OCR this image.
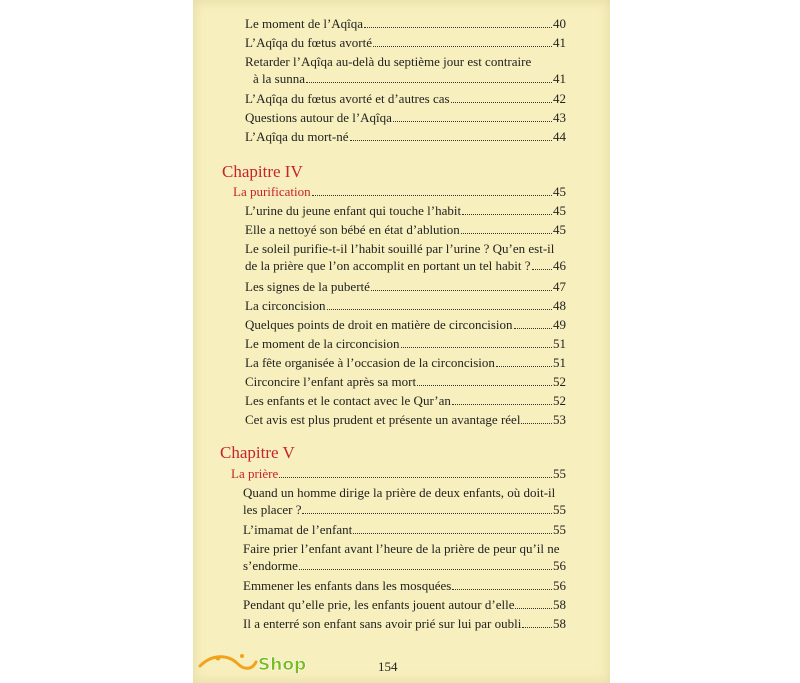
Le moment de l’Aqîqa	40
L’Aqîqa du fœtus avorté	41
Retarder l’Aqîqa au-delà du septième jour est contraire
à la sunna	41
L’Aqîqa du fœtus avorté et d’autres cas	42
Questions autour de l’Aqîqa	43
L’Aqîqa du mort-né	44
Chapitre IV
La purification	45
L’urine du jeune enfant qui touche l’habit	45
Elle a nettoyé son bébé en état d’ablution	45
Le soleil purifie-t-il l’habit souillé par l’urine ? Qu’en est-il
de la prière que l’on accomplit en portant un tel habit ? 46
Les signes de la puberté	47
La circoncision	48
Quelques points de droit en matière de circoncision	49
Le moment de la circoncision	51
La fête organisée à l’occasion de la circoncision	51
Circoncire l’enfant après sa mort	52
Les enfants et le contact avec le Qur’an	52
Cet avis est plus prudent et présente un avantage réel	53
Chapitre V
La prière	55
Quand un homme dirige la prière de deux enfants, où doit-il
les placer ?	55
L’imamat de l’enfant	55
Faire prier l’enfant avant l’heure de la prière de peur qu’il ne
s’endorme	56
Emmener les enfants dans les mosquées	56
Pendant qu’elle prie, les enfants jouent autour d’elle	58
Il a enterré son enfant sans avoir prié sur lui par oubli 58
Shop	154
